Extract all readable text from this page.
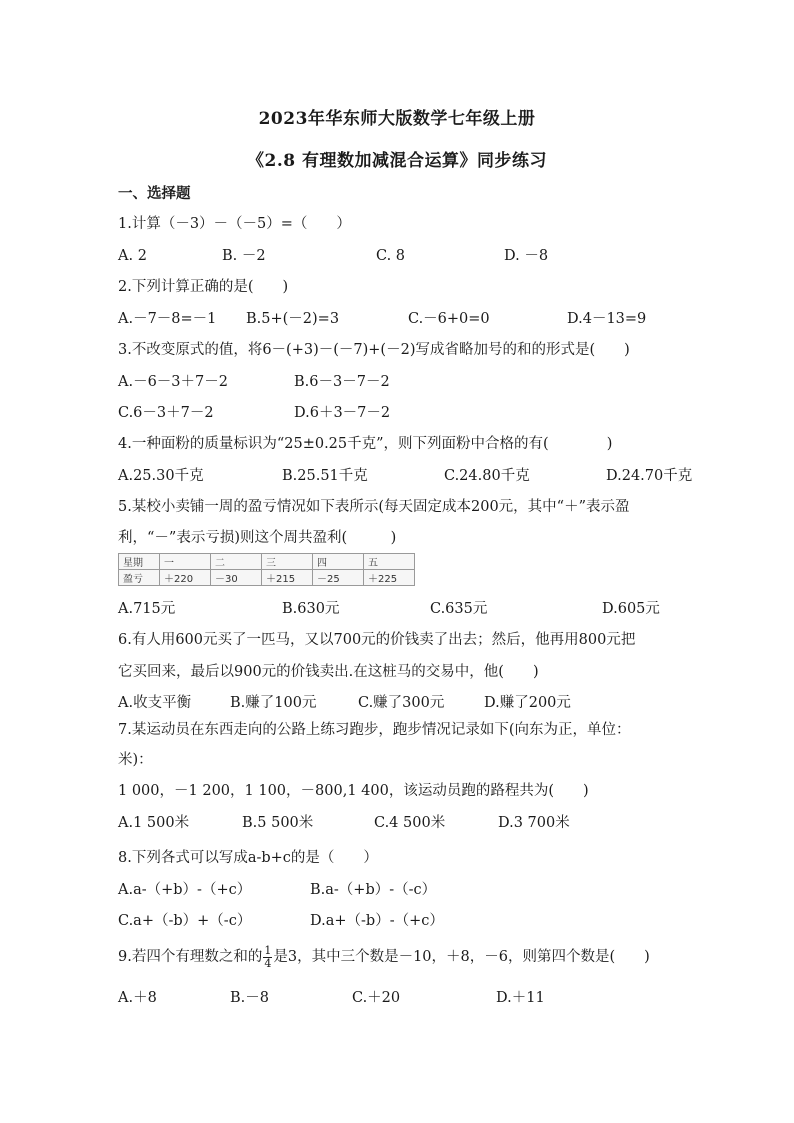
2023年华东师大版数学七年级上册
《2.8 有理数加减混合运算》同步练习
一、选择题
1.计算（－3）－（－5）=（　　）
A. 2	B. －2	C. 8	D. －8
2.下列计算正确的是(　　)
A.－7－8=－1 B.5+(－2)=3	C.－6+0=0	D.4－13=9
3.不改变原式的值，将6－(+3)－(－7)+(－2)写成省略加号的和的形式是(　　)
A.－6－3＋7－2	B.6－3－7－2
C.6－3＋7－2	D.6＋3－7－2
4.一种面粉的质量标识为“25±0.25千克”，则下列面粉中合格的有(　　　　)
A.25.30千克	B.25.51千克	C.24.80千克	D.24.70千克
5.某校小卖铺一周的盈亏情况如下表所示(每天固定成本200元，其中“＋”表示盈
利，“－”表示亏损)则这个周共盈利(　　　)
星期	一	二	三	四	五
盈亏	＋220	－30	＋215	－25	＋225
A.715元	B.630元	C.635元	D.605元
6.有人用600元买了一匹马，又以700元的价钱卖了出去；然后，他再用800元把
它买回来，最后以900元的价钱卖出.在这桩马的交易中，他(　　)
A.收支平衡	B.赚了100元	C.赚了300元	D.赚了200元
7.某运动员在东西走向的公路上练习跑步，跑步情况记录如下(向东为正，单位：
米)：
1 000，－1 200，1 100，－800,1 400，该运动员跑的路程共为(　　)
A.1 500米	B.5 500米	C.4 500米	D.3 700米
8.下列各式可以写成a-b+c的是（　　）
A.a-（+b）-（+c）	B.a-（+b）-（-c）
C.a+（-b）+（-c）	D.a+（-b）-（+c）
9.若四个有理数之和的 $\frac{1}{4}$ 是3，其中三个数是－10，＋8，－6，则第四个数是(　　)
A.＋8	B.－8	C.＋20	D.＋11
